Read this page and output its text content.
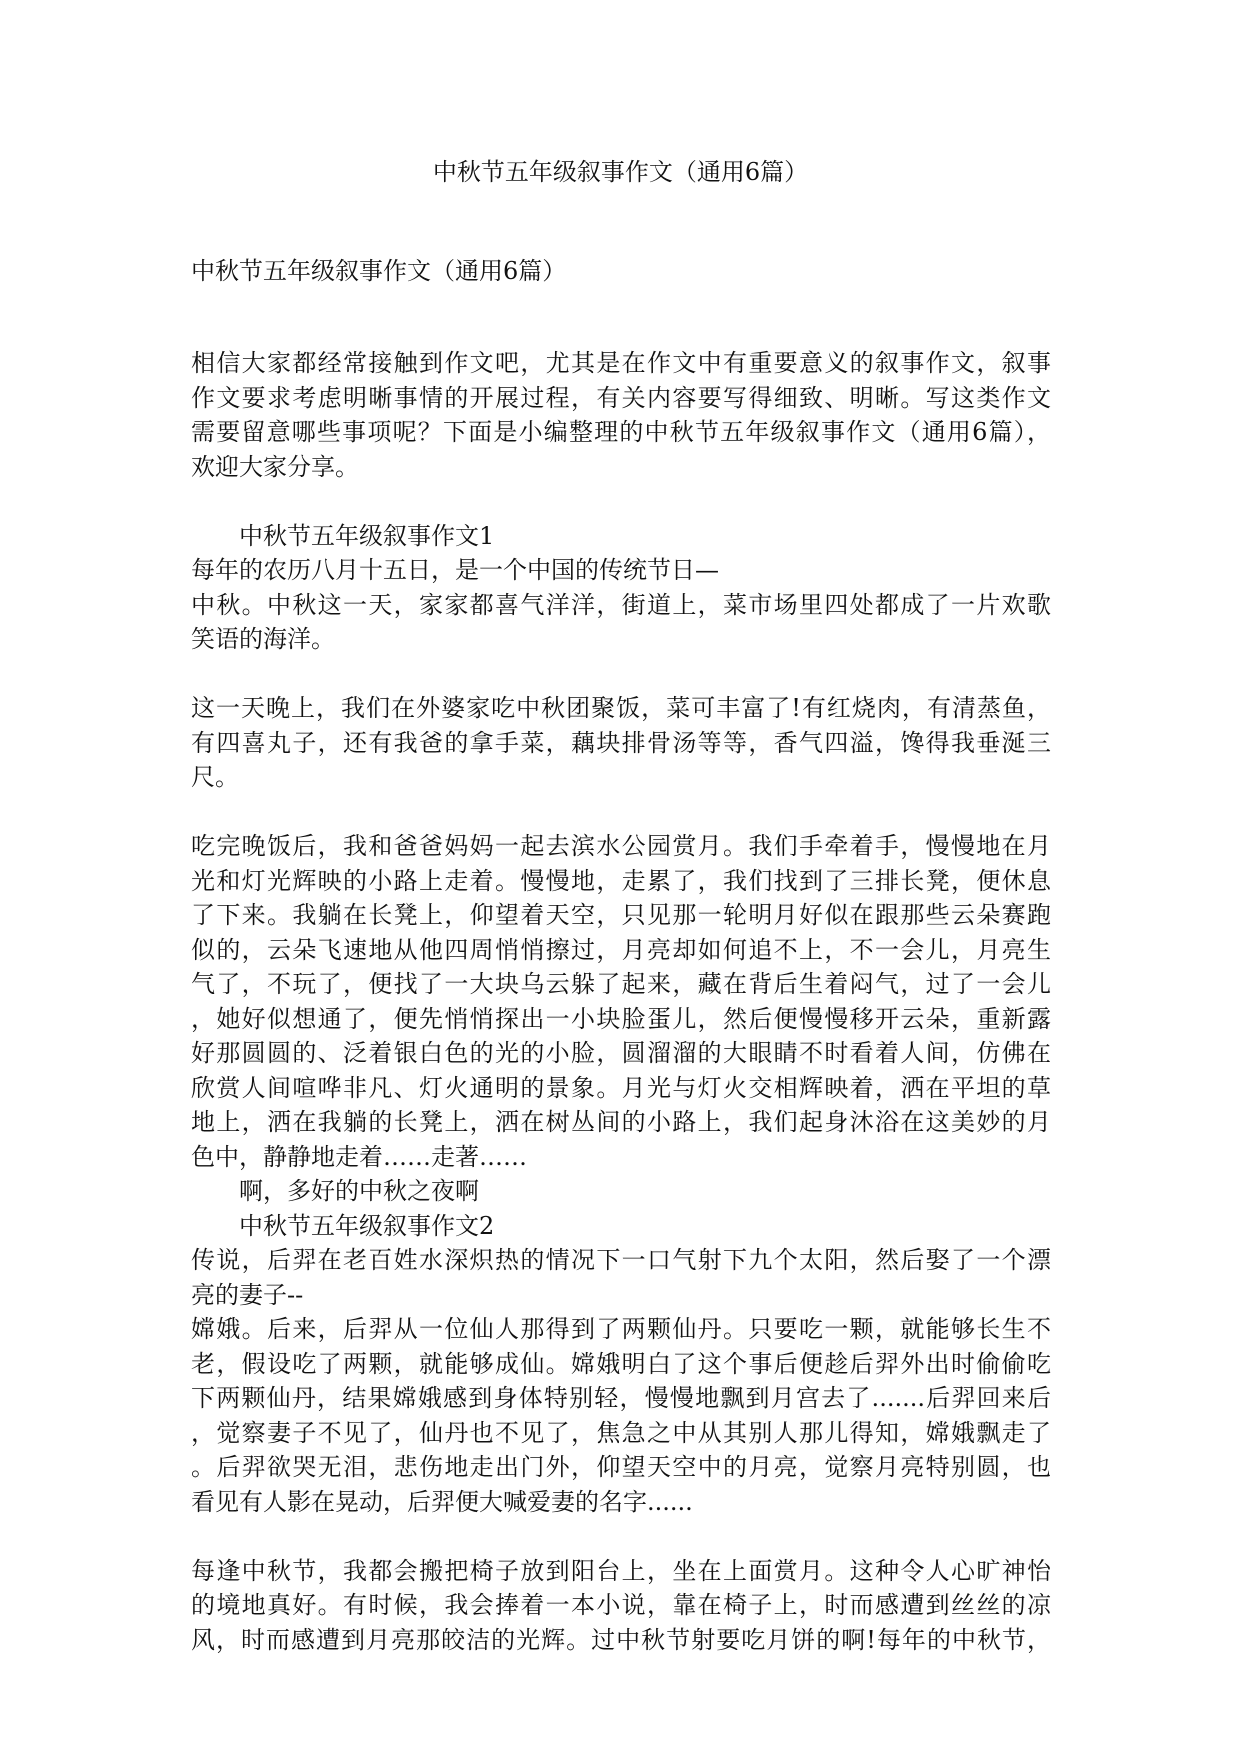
中秋节五年级叙事作文（通用6篇）
中秋节五年级叙事作文（通用6篇）
相信大家都经常接触到作文吧，尤其是在作文中有重要意义的叙事作文，叙事
作文要求考虑明晰事情的开展过程，有关内容要写得细致、明晰。写这类作文
需要留意哪些事项呢？下面是小编整理的中秋节五年级叙事作文（通用6篇），
欢迎大家分享。
中秋节五年级叙事作文1
每年的农历八月十五日，是一个中国的传统节日—
中秋。中秋这一天，家家都喜气洋洋，街道上，菜市场里四处都成了一片欢歌
笑语的海洋。
这一天晚上，我们在外婆家吃中秋团聚饭，菜可丰富了!有红烧肉，有清蒸鱼，
有四喜丸子，还有我爸的拿手菜，藕块排骨汤等等，香气四溢，馋得我垂涎三
尺。
吃完晚饭后，我和爸爸妈妈一起去滨水公园赏月。我们手牵着手，慢慢地在月
光和灯光辉映的小路上走着。慢慢地，走累了，我们找到了三排长凳，便休息
了下来。我躺在长凳上，仰望着天空，只见那一轮明月好似在跟那些云朵赛跑
似的，云朵飞速地从他四周悄悄擦过，月亮却如何追不上，不一会儿，月亮生
气了，不玩了，便找了一大块乌云躲了起来，藏在背后生着闷气，过了一会儿
，她好似想通了，便先悄悄探出一小块脸蛋儿，然后便慢慢移开云朵，重新露
好那圆圆的、泛着银白色的光的小脸，圆溜溜的大眼睛不时看着人间，仿佛在
欣赏人间喧哗非凡、灯火通明的景象。月光与灯火交相辉映着，洒在平坦的草
地上，洒在我躺的长凳上，洒在树丛间的小路上，我们起身沐浴在这美妙的月
色中，静静地走着……走著……
啊，多好的中秋之夜啊
中秋节五年级叙事作文2
传说，后羿在老百姓水深炽热的情况下一口气射下九个太阳，然后娶了一个漂
亮的妻子--
嫦娥。后来，后羿从一位仙人那得到了两颗仙丹。只要吃一颗，就能够长生不
老，假设吃了两颗，就能够成仙。嫦娥明白了这个事后便趁后羿外出时偷偷吃
下两颗仙丹，结果嫦娥感到身体特别轻，慢慢地飘到月宫去了.......后羿回来后
，觉察妻子不见了，仙丹也不见了，焦急之中从其别人那儿得知，嫦娥飘走了
。后羿欲哭无泪，悲伤地走出门外，仰望天空中的月亮，觉察月亮特别圆，也
看见有人影在晃动，后羿便大喊爱妻的名字......
每逢中秋节，我都会搬把椅子放到阳台上，坐在上面赏月。这种令人心旷神怡
的境地真好。有时候，我会捧着一本小说，靠在椅子上，时而感遭到丝丝的凉
风，时而感遭到月亮那皎洁的光辉。过中秋节射要吃月饼的啊!每年的中秋节，
